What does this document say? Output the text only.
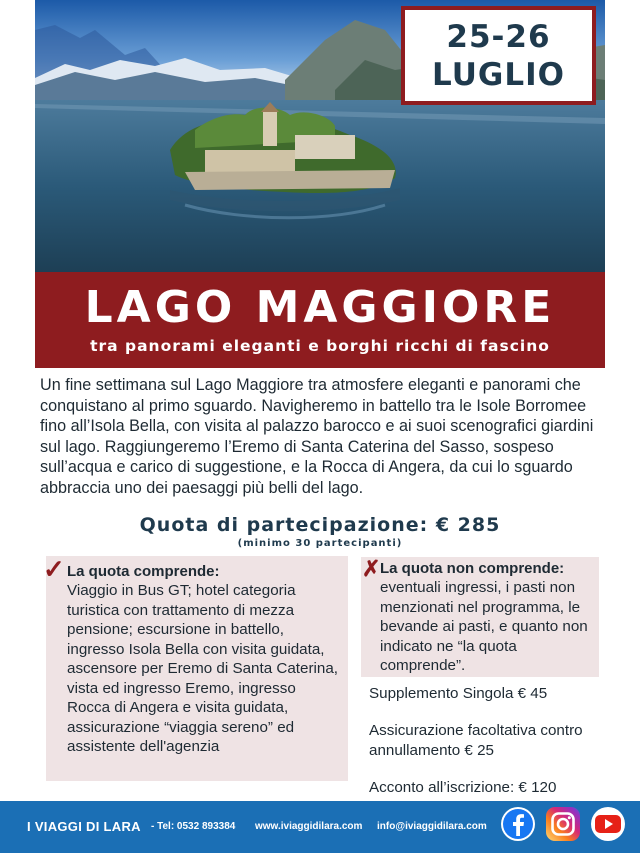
25-26
LUGLIO
LAGO MAGGIORE
tra panorami eleganti e borghi ricchi di fascino
Un fine settimana sul Lago Maggiore tra atmosfere eleganti e panorami che conquistano al primo sguardo. Navigheremo in battello tra le Isole Borromee fino all’Isola Bella, con visita al palazzo barocco e ai suoi scenografici giardini sul lago. Raggiungeremo l’Eremo di Santa Caterina del Sasso, sospeso sull’acqua e carico di suggestione, e la Rocca di Angera, da cui lo sguardo abbraccia uno dei paesaggi più belli del lago.
Quota di partecipazione: € 285
(minimo 30 partecipanti)
✓ La quota comprende:
Viaggio in Bus GT; hotel categoria turistica con trattamento di mezza pensione; escursione in battello, ingresso Isola Bella con visita guidata, ascensore per Eremo di Santa Caterina, vista ed ingresso Eremo, ingresso Rocca di Angera e visita guidata, assicurazione “viaggia sereno” ed assistente dell'agenzia
✗ La quota non comprende:
eventuali ingressi, i pasti non menzionati nel programma, le bevande ai pasti, e quanto non indicato ne “la quota comprende”.
Supplemento Singola € 45
Assicurazione facoltativa contro annullamento € 25
Acconto all’iscrizione: € 120
I VIAGGI DI LARA - Tel: 0532 893384 www.iviaggidilara.com info@iviaggidilara.com
